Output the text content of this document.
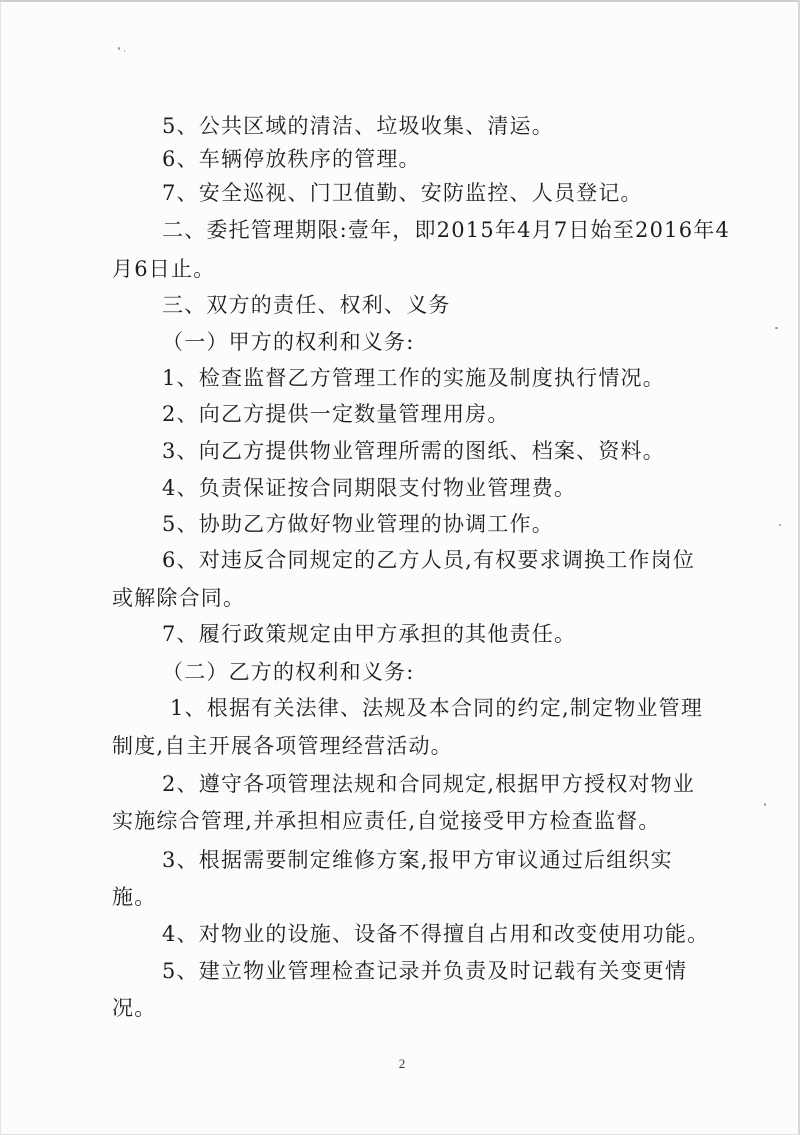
5、公共区域的清洁、垃圾收集、清运。
6、车辆停放秩序的管理。
7、安全巡视、门卫值勤、安防监控、人员登记。
二、委托管理期限:壹年，即2015年4月7日始至2016年4
月6日止。
三、双方的责任、权利、义务
（一）甲方的权利和义务:
1、检查监督乙方管理工作的实施及制度执行情况。
2、向乙方提供一定数量管理用房。
3、向乙方提供物业管理所需的图纸、档案、资料。
4、负责保证按合同期限支付物业管理费。
5、协助乙方做好物业管理的协调工作。
6、对违反合同规定的乙方人员,有权要求调换工作岗位
或解除合同。
7、履行政策规定由甲方承担的其他责任。
（二）乙方的权利和义务:
1、根据有关法律、法规及本合同的约定,制定物业管理
制度,自主开展各项管理经营活动。
2、遵守各项管理法规和合同规定,根据甲方授权对物业
实施综合管理,并承担相应责任,自觉接受甲方检查监督。
3、根据需要制定维修方案,报甲方审议通过后组织实
施。
4、对物业的设施、设备不得擅自占用和改变使用功能。
5、建立物业管理检查记录并负责及时记载有关变更情
况。
2
